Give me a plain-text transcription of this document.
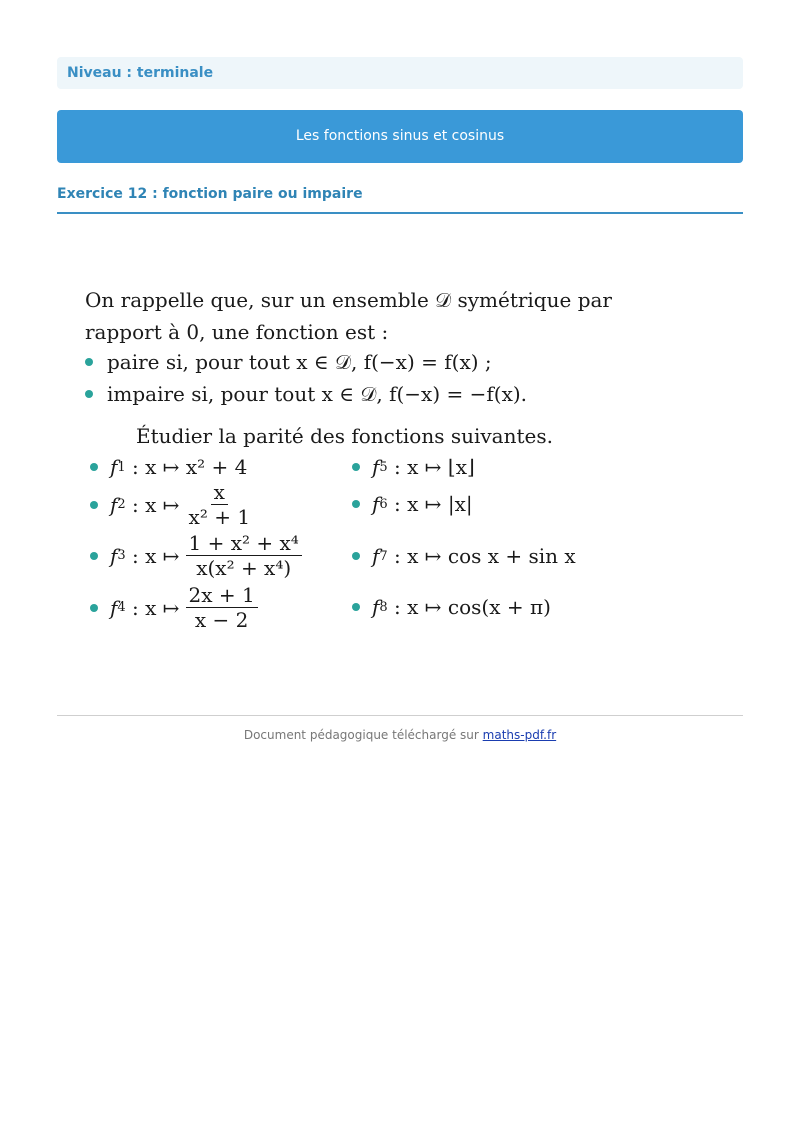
Niveau : terminale
Les fonctions sinus et cosinus
Exercice 12 : fonction paire ou impaire
On rappelle que, sur un ensemble 𝒟 symétrique par rapport à 0, une fonction est :
paire si, pour tout x ∈ 𝒟, f(−x) = f(x) ;
impaire si, pour tout x ∈ 𝒟, f(−x) = −f(x).
Étudier la parité des fonctions suivantes.
f 1 : x ↦ x² + 4
f 2
: x ↦ $\frac{x}{\text{x² + 1}}$
f 3
: x ↦ $\frac{\text{1 + x² + x⁴}}{\text{x(x² + x⁴)}}$
f 4
: x ↦ $\frac{2x + 1}{x - 2}$
f 5 : x ↦ ⌊x⌋
f 6 : x ↦ |x|
f 7 : x ↦ cos x + sin x
f 8 : x ↦ cos(x + π)
Document pédagogique téléchargé sur maths-pdf.fr
